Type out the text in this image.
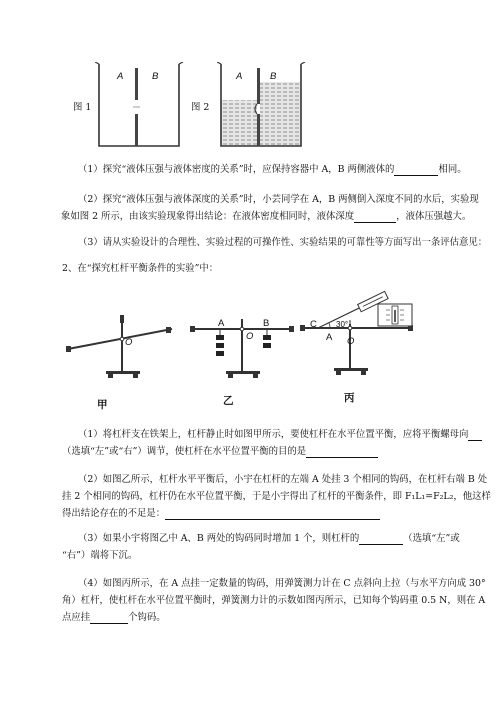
A	B
图 1
A	B
图 2
（1）探究“液体压强与液体密度的关系”时，应保持容器中 A，B 两侧液体的	相同。
（2）探究“液体压强与液体深度的关系”时，小芸同学在 A，B 两侧倒入深度不同的水后，实验现
象如图 2 所示，由该实验现象得出结论：在液体密度相同时，液体深度	，液体压强越大。
（3）请从实验设计的合理性、实验过程的可操作性、实验结果的可靠性等方面写出一条评估意见：
2、在“探究杠杆平衡条件的实验”中：
O
甲
A	B
O
乙
C 30°
A O
丙
（1）将杠杆支在铁架上，杠杆静止时如图甲所示，要使杠杆在水平位置平衡，应将平衡螺母向
（选填“左”或“右”）调节，使杠杆在水平位置平衡的目的是
（2）如图乙所示，杠杆水平平衡后，小宇在杠杆的左端 A 处挂 3 个相同的钩码，在杠杆右端 B 处
挂 2 个相同的钩码，杠杆仍在水平位置平衡，于是小宇得出了杠杆的平衡条件，即 F₁L₁=F₂L₂，他这样
得出结论存在的不足是：
（3）如果小宇将图乙中 A、B 两处的钩码同时增加 1 个，则杠杆的	（选填“左”或
“右”）端将下沉。
（4）如图丙所示，在 A 点挂一定数量的钩码，用弹簧测力计在 C 点斜向上拉（与水平方向成 30°
角）杠杆，使杠杆在水平位置平衡时，弹簧测力计的示数如图丙所示，已知每个钩码重 0.5 N，则在 A
点应挂	个钩码。
